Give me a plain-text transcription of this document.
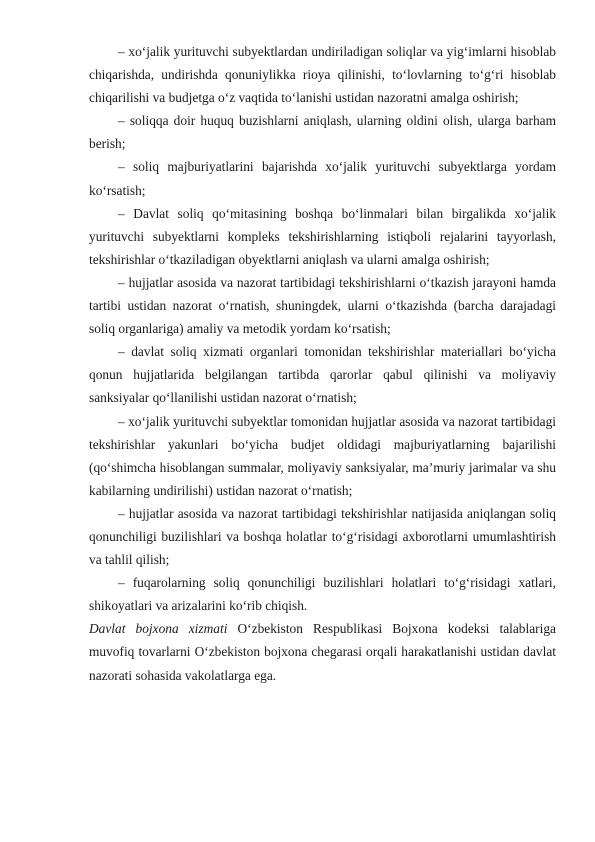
– xo‘jalik yurituvchi subyektlardan undiriladigan soliqlar va yig‘imlarni hisoblab chiqarishda, undirishda qonuniylikka rioya qilinishi, to‘lovlarning to‘g‘ri hisoblab chiqarilishi va budjetga o‘z vaqtida to‘lanishi ustidan nazoratni amalga oshirish;

– soliqqa doir huquq buzishlarni aniqlash, ularning oldini olish, ularga barham berish;

– soliq majburiyatlarini bajarishda xo‘jalik yurituvchi subyektlarga yordam ko‘rsatish;

– Davlat soliq qo‘mitasining boshqa bo‘linmalari bilan birgalikda xo‘jalik yurituvchi subyektlarni kompleks tekshirishlarning istiqboli rejalarini tayyorlash, tekshirishlar o‘tkaziladigan obyektlarni aniqlash va ularni amalga oshirish;

– hujjatlar asosida va nazorat tartibidagi tekshirishlarni o‘tkazish jarayoni hamda tartibi ustidan nazorat o‘rnatish, shuningdek, ularni o‘tkazishda (barcha darajadagi soliq organlariga) amaliy va metodik yordam ko‘rsatish;

– davlat soliq xizmati organlari tomonidan tekshirishlar materiallari bo‘yicha qonun hujjatlarida belgilangan tartibda qarorlar qabul qilinishi va moliyaviy sanksiyalar qo‘llanilishi ustidan nazorat o‘rnatish;

– xo‘jalik yurituvchi subyektlar tomonidan hujjatlar asosida va nazorat tartibidagi tekshirishlar yakunlari bo‘yicha budjet oldidagi majburiyatlarning bajarilishi (qo‘shimcha hisoblangan summalar, moliyaviy sanksiyalar, ma’muriy jarimalar va shu kabilarning undirilishi) ustidan nazorat o‘rnatish;

– hujjatlar asosida va nazorat tartibidagi tekshirishlar natijasida aniqlangan soliq qonunchiligi buzilishlari va boshqa holatlar to‘g‘risidagi axborotlarni umumlashtirish va tahlil qilish;

– fuqarolarning soliq qonunchiligi buzilishlari holatlari to‘g‘risidagi xatlari, shikoyatlari va arizalarini ko‘rib chiqish.

Davlat bojxona xizmati O‘zbekiston Respublikasi Bojxona kodeksi talablariga muvofiq tovarlarni O‘zbekiston bojxona chegarasi orqali harakatlanishi ustidan davlat nazorati sohasida vakolatlarga ega.
